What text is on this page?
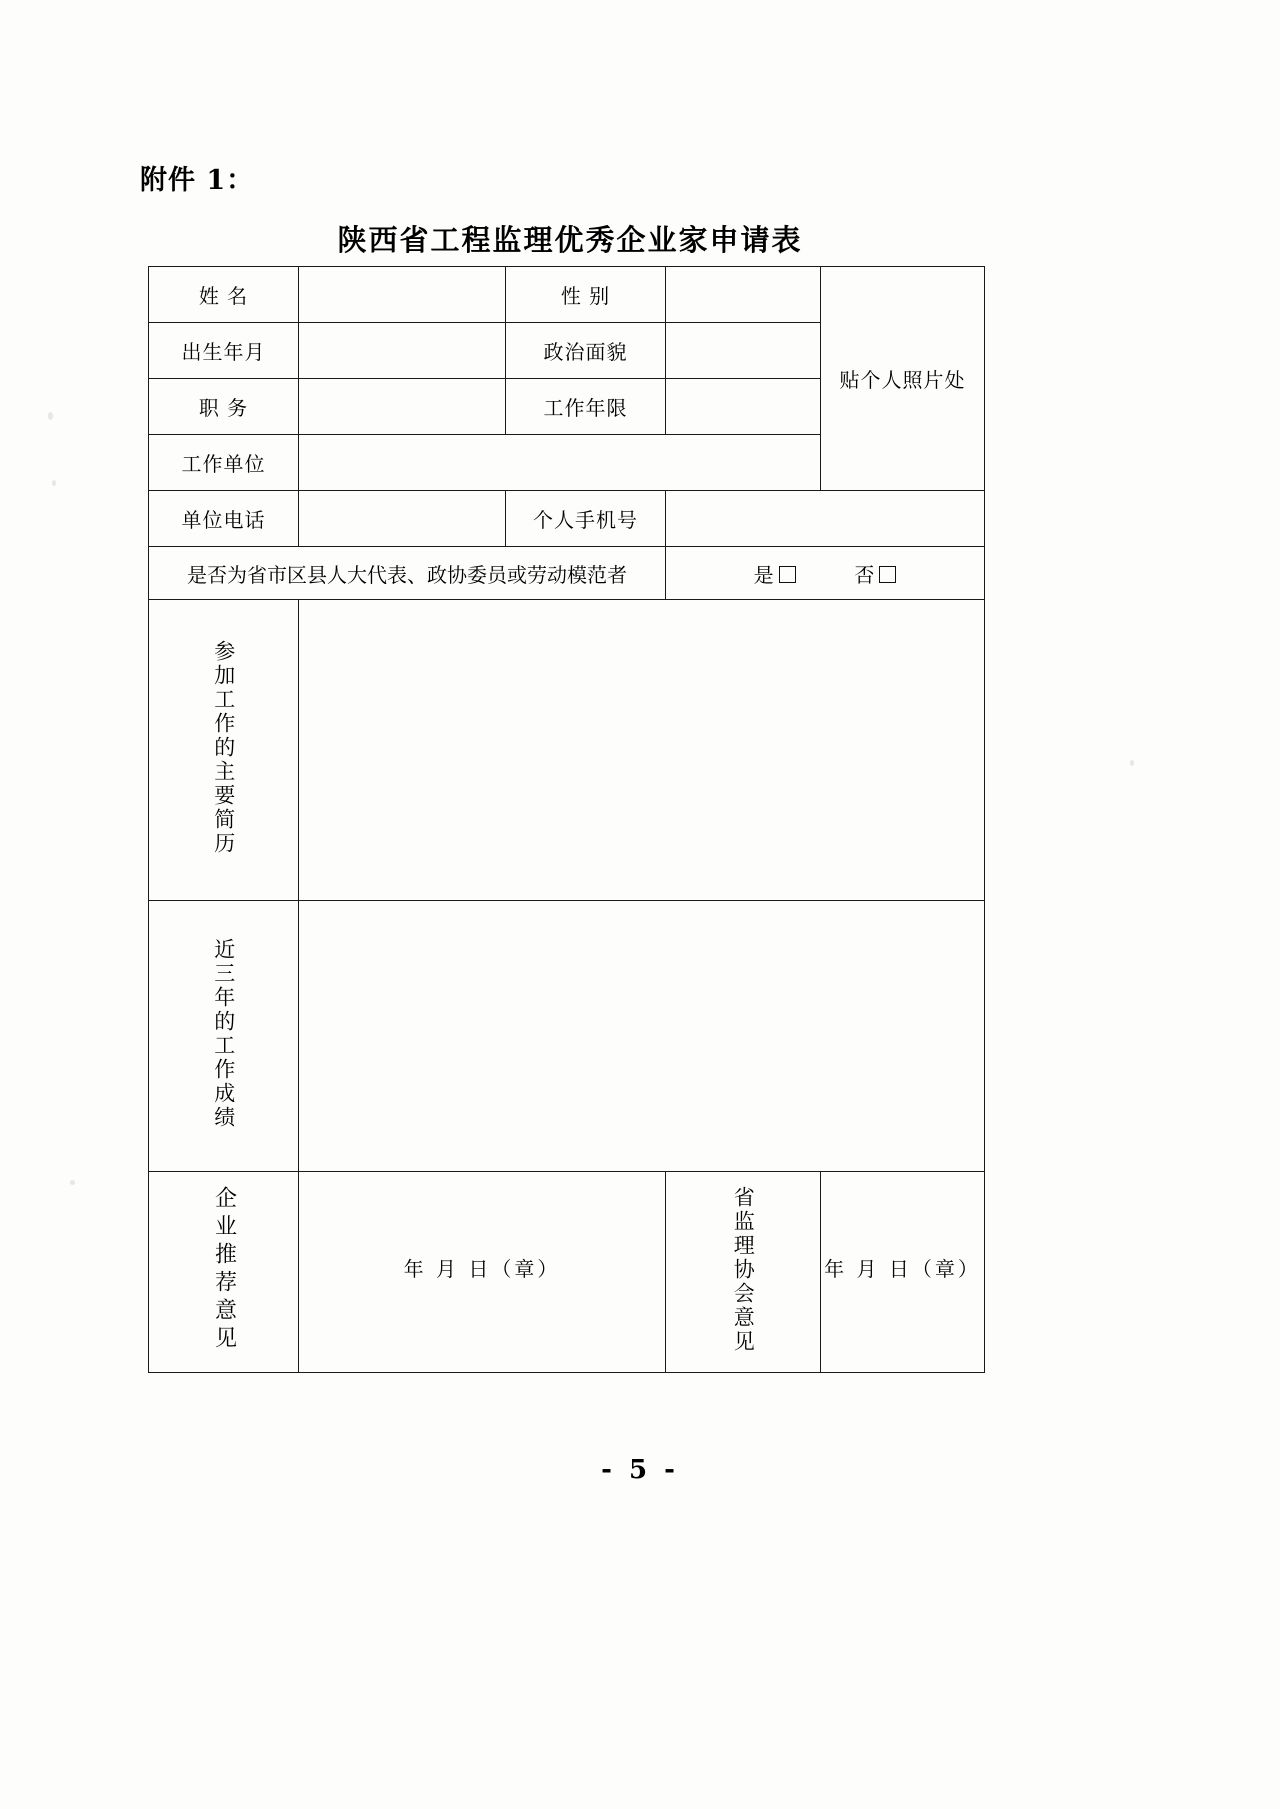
附件 1：
陕西省工程监理优秀企业家申请表
姓 名		性 别		贴个人照片处
出生年月		政治面貌		
职 务		工作年限		
工作单位				
单位电话		个人手机号		
是否为省市区县人大代表、政协委员或劳动模范者			是 否	
参加工作的主要简历				
近三年的工作成绩				
企业推荐意见	年 月 日（章）		省监理协会意见	年 月 日（章）
- 5 -
